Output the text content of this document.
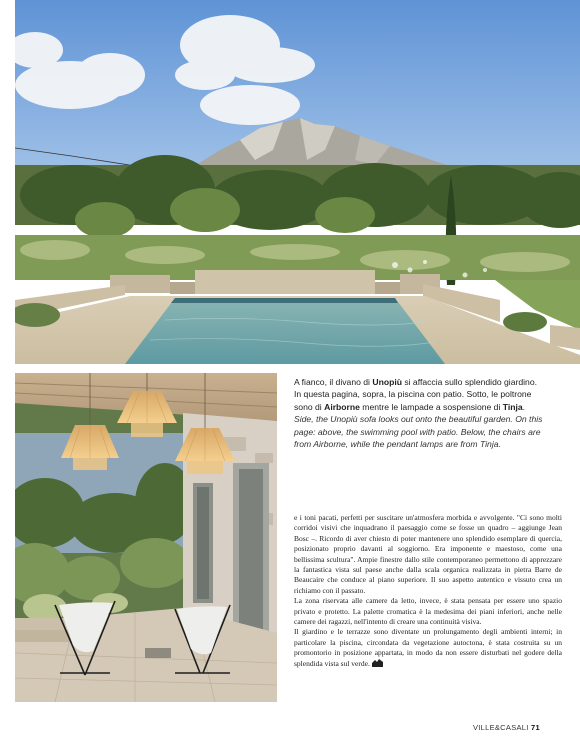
A fianco, il divano di Unopiù si affaccia sullo splendido giardino. In questa pagina, sopra, la piscina con patio. Sotto, le poltrone sono di Airborne mentre le lampade a sospensione di Tinja.
Side, the Unopiù sofa looks out onto the beautiful garden. On this page: above, the swimming pool with patio. Below, the chairs are from Airborne, while the pendant lamps are from Tinja.

e i toni pacati, perfetti per suscitare un'atmosfera morbida e avvolgente. "Ci sono molti corridoi visivi che inquadrano il paesaggio come se fosse un quadro – aggiunge Jean Bosc –. Ricordo di aver chiesto di poter mantenere uno splendido esemplare di quercia, posizionato proprio davanti al soggiorno. Era imponente e maestoso, come una bellissima scultura". Ampie finestre dallo stile contemporaneo permettono di apprezzare la fantastica vista sul paese anche dalla scala organica realizzata in pietra Barre de Beaucaire che conduce al piano superiore. Il suo aspetto autentico e vissuto crea un richiamo con il passato.

La zona riservata alle camere da letto, invece, è stata pensata per essere uno spazio privato e protetto. La palette cromatica è la medesima dei piani inferiori, anche nelle camere dei ragazzi, nell'intento di creare una continuità visiva.

Il giardino e le terrazze sono diventate un prolungamento degli ambienti interni; in particolare la piscina, circondata da vegetazione autoctona, è stata costruita su un promontorio in posizione appartata, in modo da non essere disturbati nel godere della splendida vista sul verde.

VILLE&CASALI 71
